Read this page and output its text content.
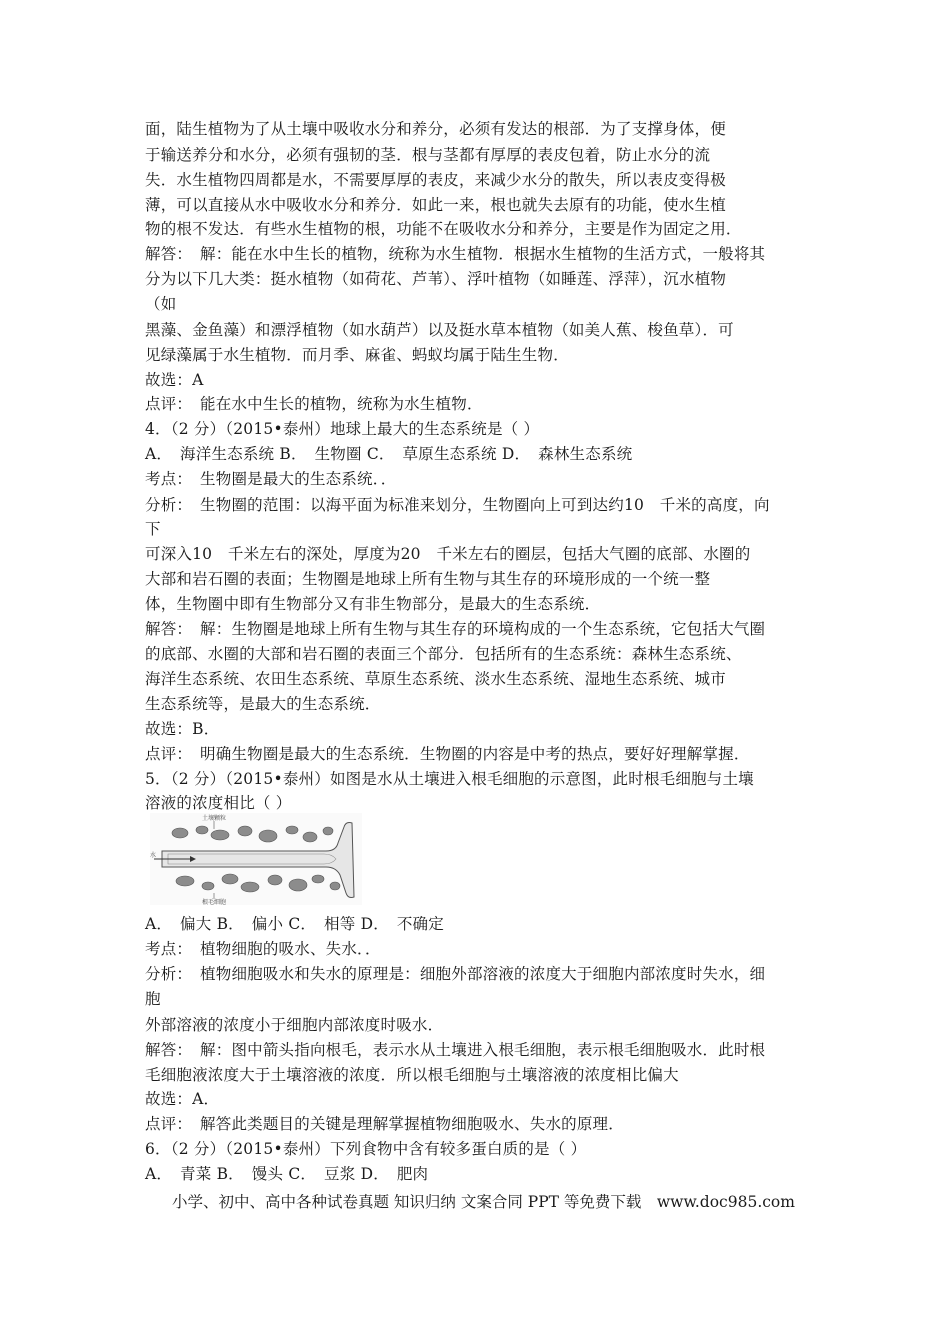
面，陆生植物为了从土壤中吸收水分和养分，必须有发达的根部．为了支撑身体，便
于输送养分和水分，必须有强韧的茎．根与茎都有厚厚的表皮包着，防止水分的流
失．水生植物四周都是水，不需要厚厚的表皮，来减少水分的散失，所以表皮变得极
薄，可以直接从水中吸收水分和养分．如此一来，根也就失去原有的功能，使水生植
物的根不发达．有些水生植物的根，功能不在吸收水分和养分，主要是作为固定之用．
解答：　解：能在水中生长的植物，统称为水生植物．根据水生植物的生活方式，一般将其
分为以下几大类：挺水植物（如荷花、芦苇）、浮叶植物（如睡莲、浮萍），沉水植物
（如
黑藻、金鱼藻）和漂浮植物（如水葫芦）以及挺水草本植物（如美人蕉、梭鱼草）．可
见绿藻属于水生植物．而月季、麻雀、蚂蚁均属于陆生生物．
故选：A
点评：　能在水中生长的植物，统称为水生植物．
4．（2 分）（2015•泰州）地球上最大的生态系统是（ ）
A．　海洋生态系统 B．　生物圈 C．　草原生态系统 D．　森林生态系统
考点：　生物圈是最大的生态系统．．
分析：　生物圈的范围：以海平面为标准来划分，生物圈向上可到达约10　千米的高度，向
下
可深入10　千米左右的深处，厚度为20　千米左右的圈层，包括大气圈的底部、水圈的
大部和岩石圈的表面；生物圈是地球上所有生物与其生存的环境形成的一个统一整
体，生物圈中即有生物部分又有非生物部分，是最大的生态系统．
解答：　解：生物圈是地球上所有生物与其生存的环境构成的一个生态系统，它包括大气圈
的底部、水圈的大部和岩石圈的表面三个部分．包括所有的生态系统：森林生态系统、
海洋生态系统、农田生态系统、草原生态系统、淡水生态系统、湿地生态系统、城市
生态系统等，是最大的生态系统．
故选：B．
点评：　明确生物圈是最大的生态系统．生物圈的内容是中考的热点，要好好理解掌握．
5．（2 分）（2015•泰州）如图是水从土壤进入根毛细胞的示意图，此时根毛细胞与土壤
溶液的浓度相比（ ）
土壤颗粒
水
根毛细胞
A．　偏大 B．　偏小 C．　相等 D．　不确定
考点：　植物细胞的吸水、失水．．
分析：　植物细胞吸水和失水的原理是：细胞外部溶液的浓度大于细胞内部浓度时失水，细
胞
外部溶液的浓度小于细胞内部浓度时吸水．
解答：　解：图中箭头指向根毛，表示水从土壤进入根毛细胞，表示根毛细胞吸水．此时根
毛细胞液浓度大于土壤溶液的浓度．所以根毛细胞与土壤溶液的浓度相比偏大
故选：A．
点评：　解答此类题目的关键是理解掌握植物细胞吸水、失水的原理．
6．（2 分）（2015•泰州）下列食物中含有较多蛋白质的是（ ）
A．　青菜 B．　馒头 C．　豆浆 D．　肥肉
小学、初中、高中各种试卷真题 知识归纳 文案合同 PPT 等免费下载　www.doc985.com
